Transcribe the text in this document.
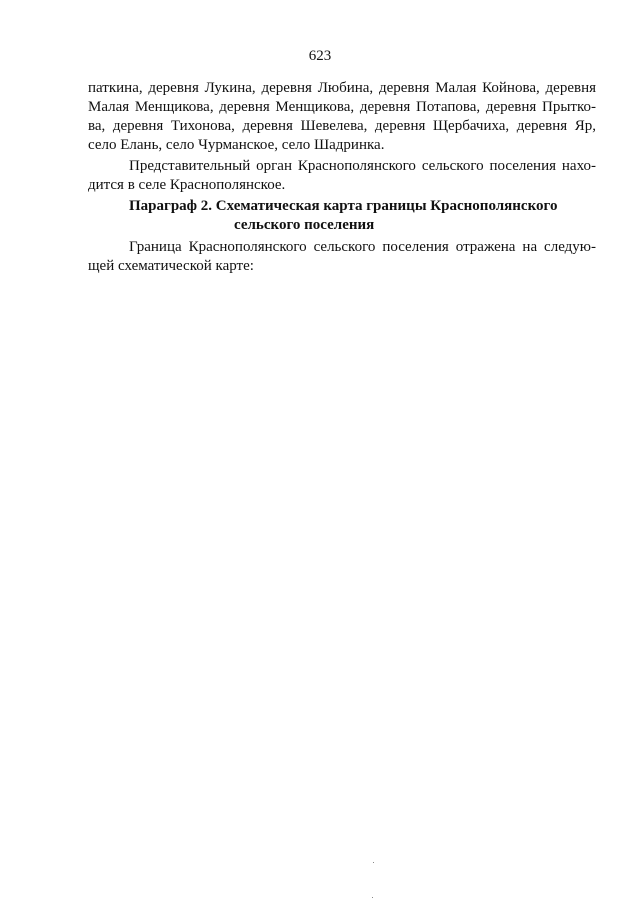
623
паткина, деревня Лукина, деревня Любина, деревня Малая Койнова, деревня
Малая Менщикова, деревня Менщикова, деревня Потапова, деревня Прытко-
ва, деревня Тихонова, деревня Шевелева, деревня Щербачиха, деревня Яр,
село Елань, село Чурманское, село Шадринка.
Представительный орган Краснополянского сельского поселения нахо-
дится в селе Краснополянское.
Параграф 2. Схематическая карта границы Краснополянского
сельского поселения
Граница Краснополянского сельского поселения отражена на следую-
щей схематической карте:
